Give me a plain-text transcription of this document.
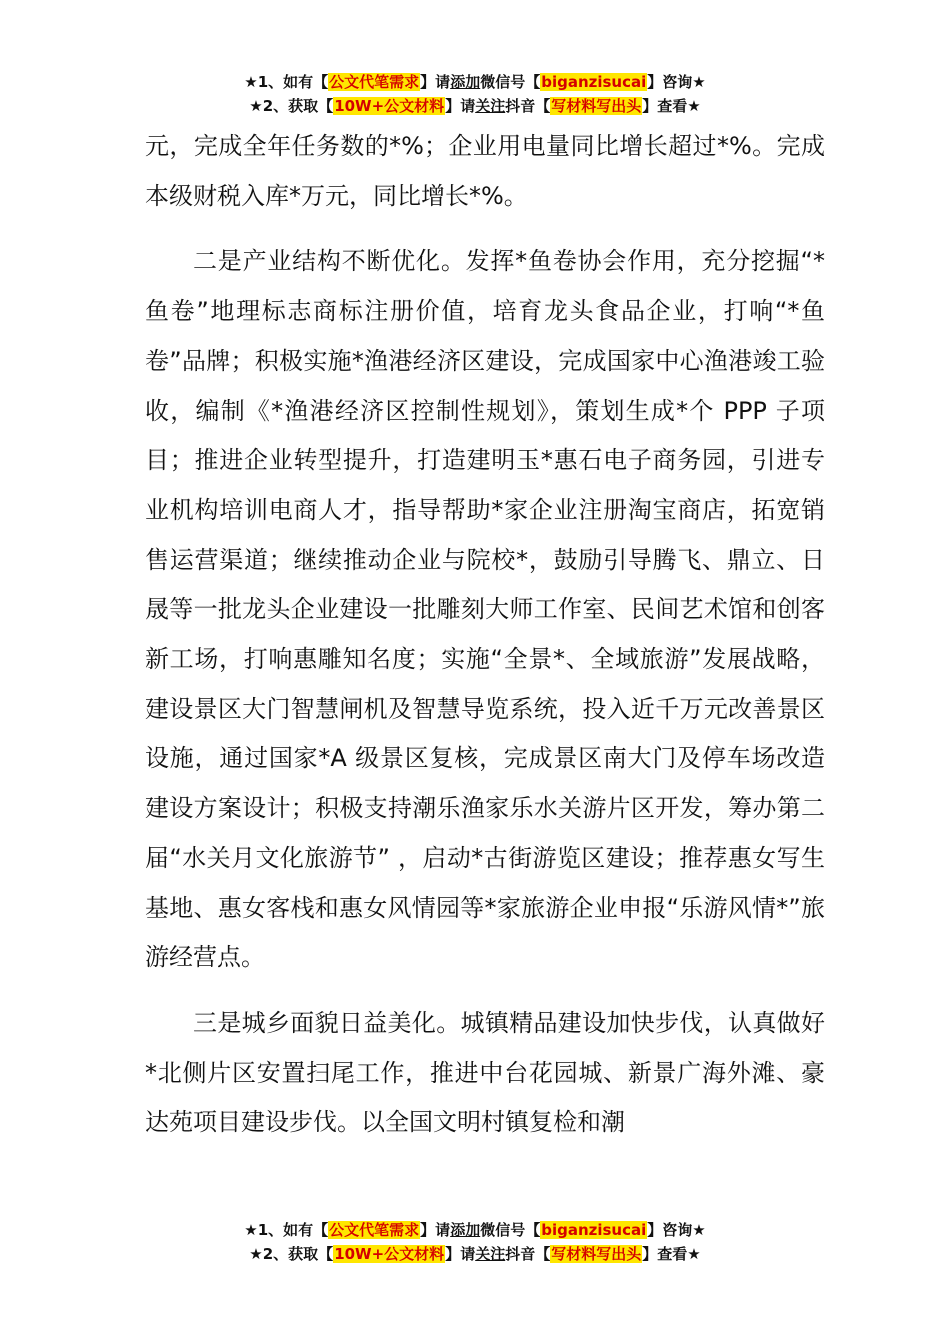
★1、如有【公文代笔需求】请添加微信号【biganzisucai】咨询★
★2、获取【10W+公文材料】请关注抖音【写材料写出头】查看★

元，完成全年任务数的*%；企业用电量同比增长超过*%。完成本级财税入库*万元，同比增长*%。

二是产业结构不断优化。发挥*鱼卷协会作用，充分挖掘“*鱼卷”地理标志商标注册价值，培育龙头食品企业，打响“*鱼卷”品牌；积极实施*渔港经济区建设，完成国家中心渔港竣工验收，编制《*渔港经济区控制性规划》，策划生成*个 PPP 子项目；推进企业转型提升，打造建明玉*惠石电子商务园，引进专业机构培训电商人才，指导帮助*家企业注册淘宝商店，拓宽销售运营渠道；继续推动企业与院校*，鼓励引导腾飞、鼎立、日晟等一批龙头企业建设一批雕刻大师工作室、民间艺术馆和创客新工场，打响惠雕知名度；实施“全景*、全域旅游”发展战略，建设景区大门智慧闸机及智慧导览系统，投入近千万元改善景区设施，通过国家*A 级景区复核，完成景区南大门及停车场改造建设方案设计；积极支持潮乐渔家乐水关游片区开发，筹办第二届“水关月文化旅游节” ，启动*古街游览区建设；推荐惠女写生基地、惠女客栈和惠女风情园等*家旅游企业申报“乐游风情*”旅游经营点。

三是城乡面貌日益美化。城镇精品建设加快步伐，认真做好*北侧片区安置扫尾工作，推进中台花园城、新景广海外滩、豪达苑项目建设步伐。以全国文明村镇复检和潮

★1、如有【公文代笔需求】请添加微信号【biganzisucai】咨询★
★2、获取【10W+公文材料】请关注抖音【写材料写出头】查看★
